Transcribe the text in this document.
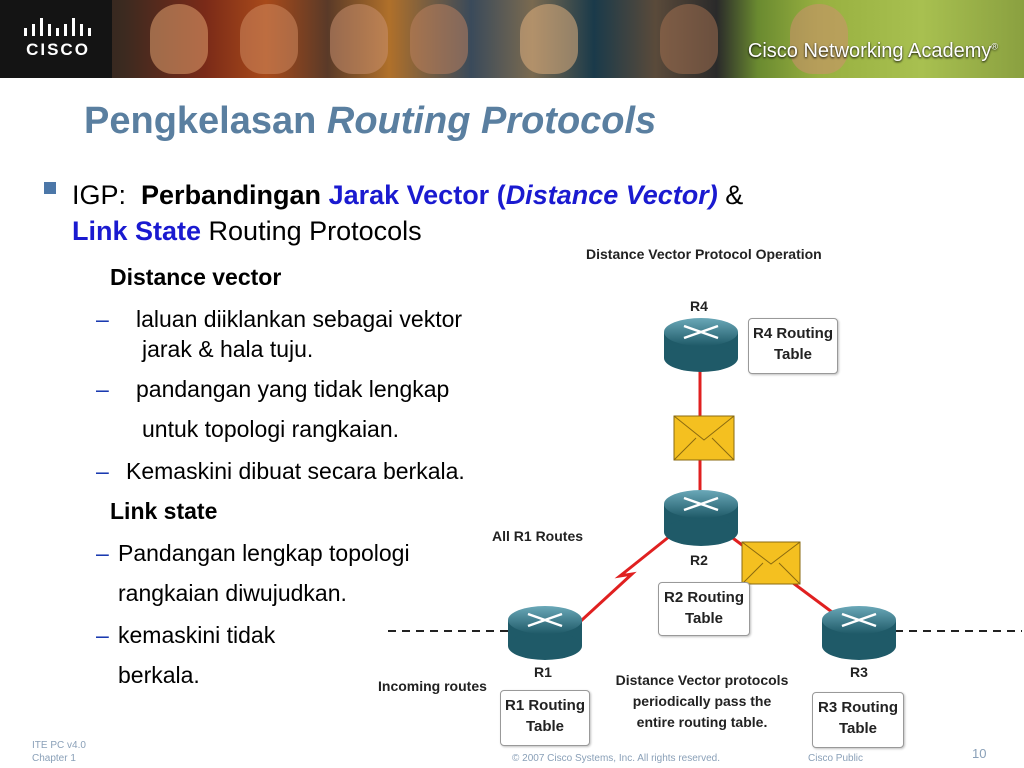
CISCO	Cisco Networking Academy®
Pengkelasan Routing Protocols
IGP: Perbandingan Jarak Vector (Distance Vector) &
Link State Routing Protocols
Distance vector
– laluan diiklankan sebagai vektor
jarak & hala tuju.
– pandangan yang tidak lengkap
untuk topologi rangkaian.
– Kemaskini dibuat secara berkala.
Link state
– Pandangan lengkap topologi
rangkaian diwujudkan.
– kemaskini tidak
berkala.
Distance Vector Protocol Operation
R4
R2
R1	R3
All R1 Routes
Incoming routes
R4 Routing
Table
R2 Routing
Table
R1 Routing
Table
R3 Routing
Table
Distance Vector protocols
periodically pass the
entire routing table.
ITE PC v4.0
Chapter 1	© 2007 Cisco Systems, Inc. All rights reserved.	Cisco Public	10
